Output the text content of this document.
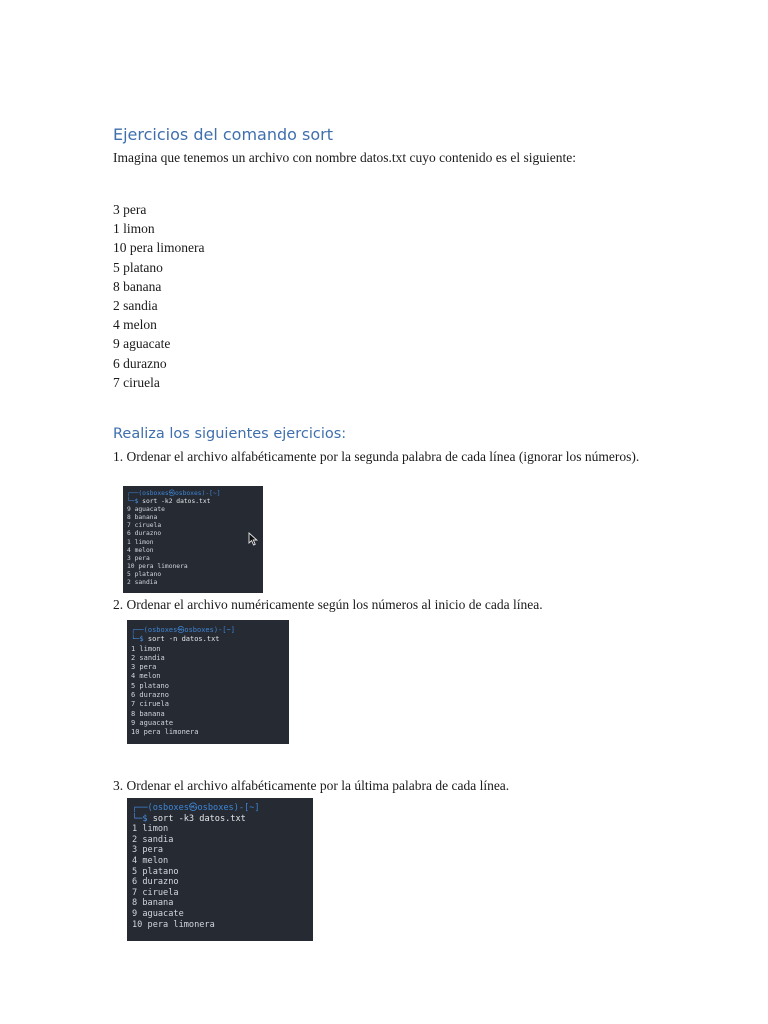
Ejercicios del comando sort

Imagina que tenemos un archivo con nombre datos.txt cuyo contenido es el siguiente:

3 pera
1 limon
10 pera limonera
5 platano
8 banana
2 sandia
4 melon
9 aguacate
6 durazno
7 ciruela
Realiza los siguientes ejercicios:

1. Ordenar el archivo alfabéticamente por la segunda palabra de cada línea (ignorar los números).

┌──(osboxes㉿osboxes)-[~]
└─$ sort -k2 datos.txt
9 aguacate
8 banana
7 ciruela
6 durazno
1 limon
4 melon
3 pera
10 pera limonera
5 platano
2 sandia

2. Ordenar el archivo numéricamente según los números al inicio de cada línea.

┌──(osboxes㉿osboxes)-[~]
└─$ sort -n datos.txt
1 limon
2 sandia
3 pera
4 melon
5 platano
6 durazno
7 ciruela
8 banana
9 aguacate
10 pera limonera

3. Ordenar el archivo alfabéticamente por la última palabra de cada línea.

┌──(osboxes㉿osboxes)-[~]
└─$ sort -k3 datos.txt
1 limon
2 sandia
3 pera
4 melon
5 platano
6 durazno
7 ciruela
8 banana
9 aguacate
10 pera limonera
